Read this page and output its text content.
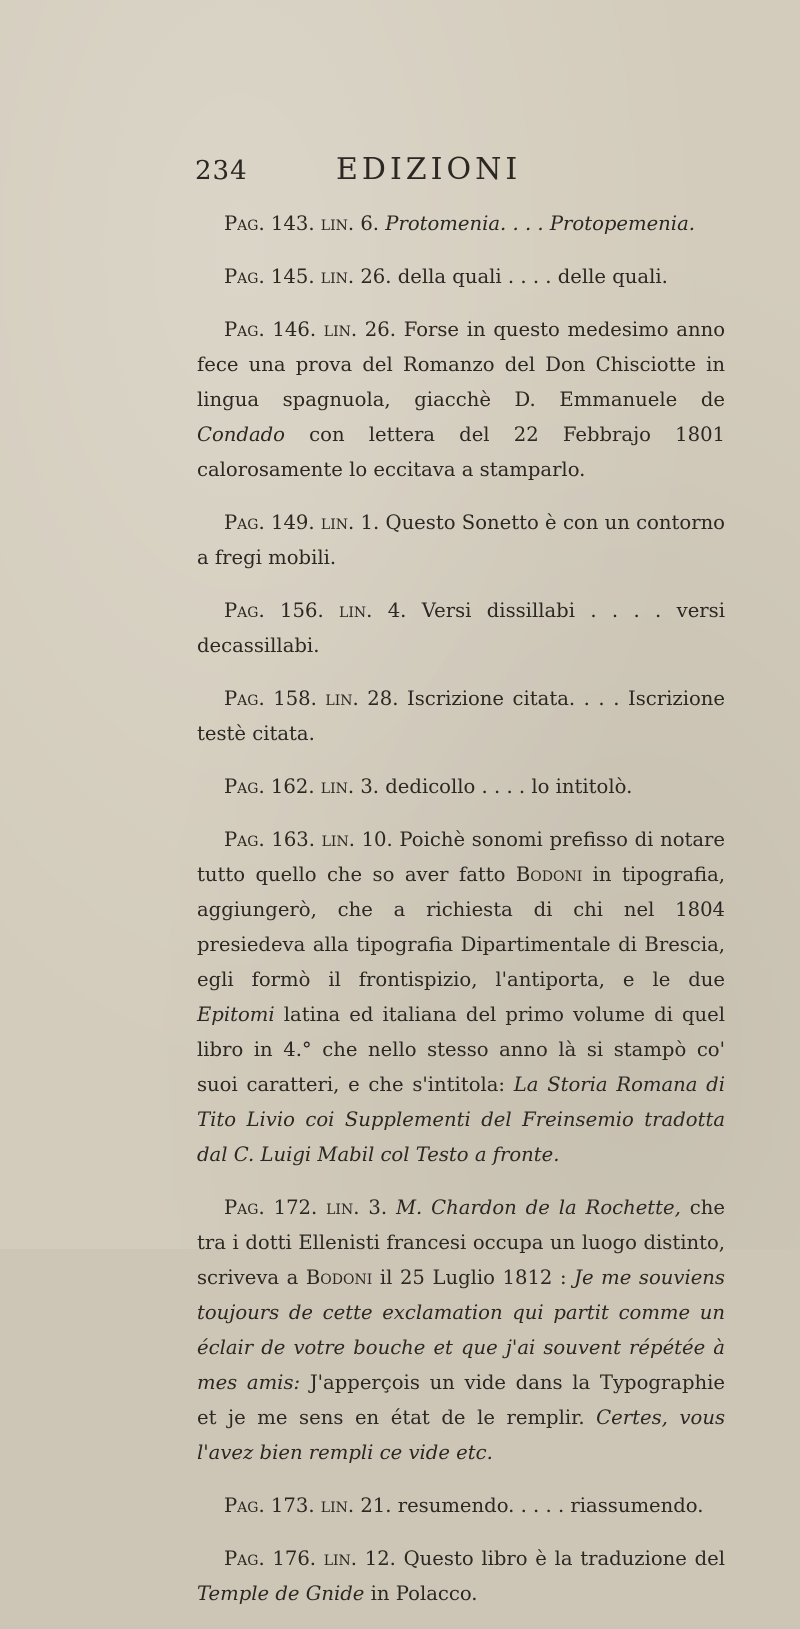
234	EDIZIONI

Pag. 143. lin. 6. Protomenia. . . . Protopemenia.

Pag. 145. lin. 26. della quali . . . . delle quali.

Pag. 146. lin. 26. Forse in questo medesimo anno fece una prova del Romanzo del Don Chisciotte in lingua spagnuola, giacchè D. Emmanuele de Condado con lettera del 22 Febbrajo 1801 calorosamente lo eccitava a stamparlo.

Pag. 149. lin. 1. Questo Sonetto è con un contorno a fregi mobili.

Pag. 156. lin. 4. Versi dissillabi . . . . versi decassillabi.

Pag. 158. lin. 28. Iscrizione citata. . . . Iscrizione testè citata.

Pag. 162. lin. 3. dedicollo . . . . lo intitolò.

Pag. 163. lin. 10. Poichè sonomi prefisso di notare tutto quello che so aver fatto Bodoni in tipografia, aggiungerò, che a richiesta di chi nel 1804 presiedeva alla tipografia Dipartimentale di Brescia, egli formò il frontispizio, l'antiporta, e le due Epitomi latina ed italiana del primo volume di quel libro in 4.° che nello stesso anno là si stampò co' suoi caratteri, e che s'intitola: La Storia Romana di Tito Livio coi Supplementi del Freinsemio tradotta dal C. Luigi Mabil col Testo a fronte.

Pag. 172. lin. 3. M. Chardon de la Rochette, che tra i dotti Ellenisti francesi occupa un luogo distinto, scriveva a Bodoni il 25 Luglio 1812 : Je me souviens toujours de cette exclamation qui partit comme un éclair de votre bouche et que j'ai souvent répétée à mes amis: J'apperçois un vide dans la Typographie et je me sens en état de le remplir. Certes, vous l'avez bien rempli ce vide etc.

Pag. 173. lin. 21. resumendo. . . . . riassumendo.

Pag. 176. lin. 12. Questo libro è la traduzione del Temple de Gnide in Polacco.
